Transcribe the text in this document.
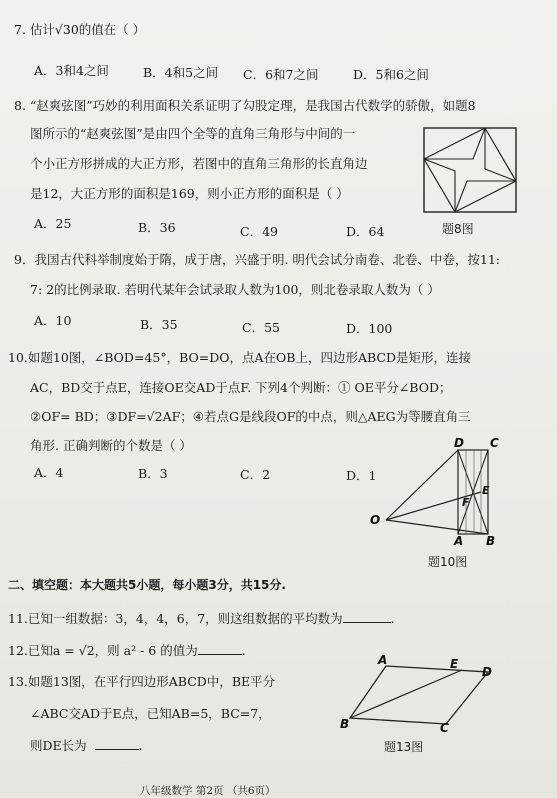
7. 估计√30的值在（ ）
A．3和4之间	B．4和5之间 C．6和7之间	D．5和6之间
8. “赵爽弦图”巧妙的利用面积关系证明了勾股定理，是我国古代数学的骄傲，如题8
图所示的“赵爽弦图”是由四个全等的直角三角形与中间的一
个小正方形拼成的大正方形，若图中的直角三角形的长直角边
是12，大正方形的面积是169，则小正方形的面积是（ ）
A．25	B．36	C．49	D．64	题8图
9．我国古代科举制度始于隋，成于唐，兴盛于明. 明代会试分南卷、北卷、中卷，按11:
7: 2的比例录取. 若明代某年会试录取人数为100，则北卷录取人数为（ ）
A．10	B．35	C．55	D．100
10.如题10图，∠BOD=45°，BO=DO，点A在OB上，四边形ABCD是矩形，连接
AC，BD交于点E，连接OE交AD于点F. 下列4个判断：① OE平分∠BOD；
②OF= BD；③DF=√2AF；④若点G是线段OF的中点，则△AEG为等腰直角三
角形. 正确判断的个数是（ ）
A．4	B．3	C．2	D．1
D C
E
F
O
A B
题10图
二、填空题：本大题共5小题，每小题3分，共15分.
11.已知一组数据：3，4，4，6，7，则这组数据的平均数为	.
12.已知a = √2，则 a² - 6 的值为	.
13.如题13图，在平行四边形ABCD中，BE平分
∠ABC交AD于E点，已知AB=5，BC=7，
则DE长为	.
A	E
D
B	C
题13图
八年级数学 第2页 （共6页）
